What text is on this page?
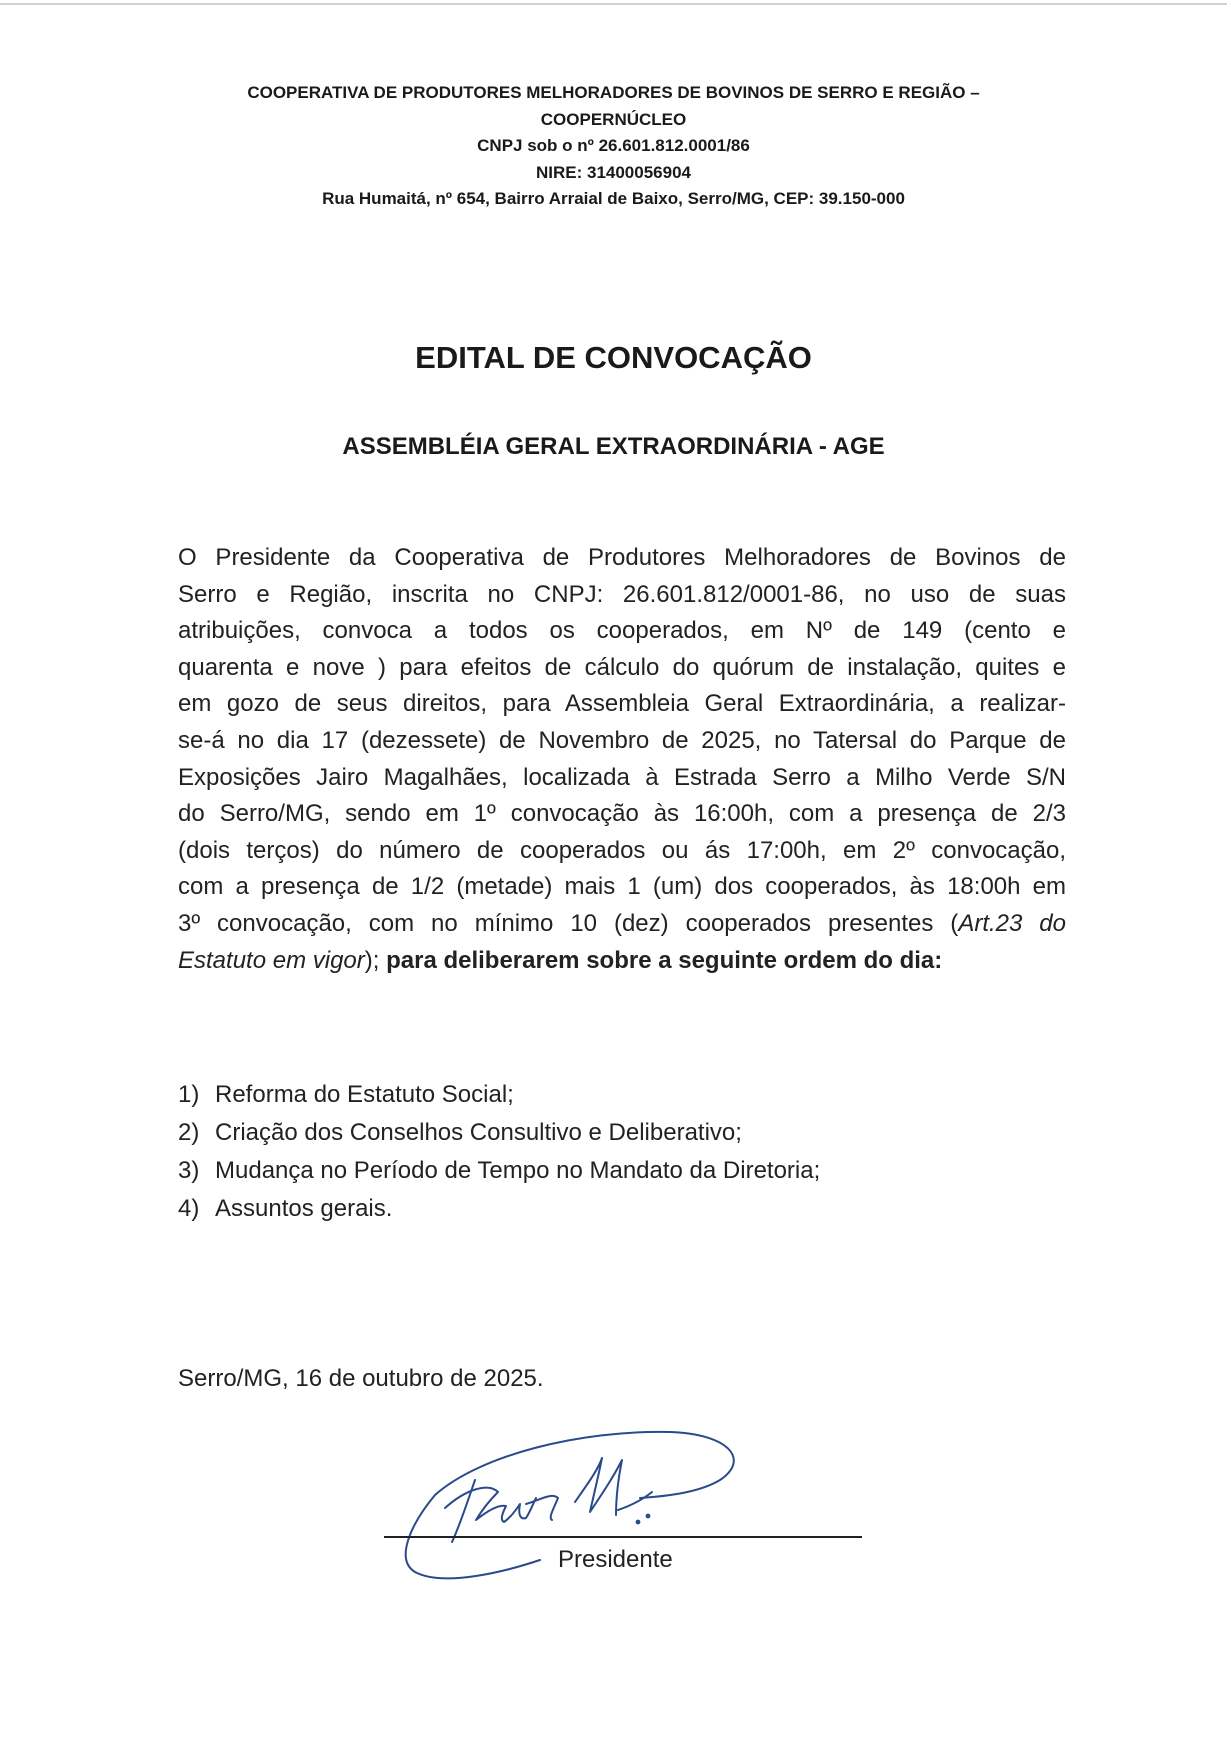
COOPERATIVA DE PRODUTORES MELHORADORES DE BOVINOS DE SERRO E REGIÃO –
COOPERNÚCLEO
CNPJ sob o nº 26.601.812.0001/86
NIRE: 31400056904
Rua Humaitá, nº 654, Bairro Arraial de Baixo, Serro/MG, CEP: 39.150-000
EDITAL DE CONVOCAÇÃO
ASSEMBLÉIA GERAL EXTRAORDINÁRIA - AGE
O Presidente da Cooperativa de Produtores Melhoradores de Bovinos de
Serro e Região, inscrita no CNPJ: 26.601.812/0001-86, no uso de suas
atribuições, convoca a todos os cooperados, em Nº de 149 (cento e
quarenta e nove ) para efeitos de cálculo do quórum de instalação, quites e
em gozo de seus direitos, para Assembleia Geral Extraordinária, a realizar-
se-á no dia 17 (dezessete) de Novembro de 2025, no Tatersal do Parque de
Exposições Jairo Magalhães, localizada à Estrada Serro a Milho Verde S/N
do Serro/MG, sendo em 1º convocação às 16:00h, com a presença de 2/3
(dois terços) do número de cooperados ou ás 17:00h, em 2º convocação,
com a presença de 1/2 (metade) mais 1 (um) dos cooperados, às 18:00h em
3º convocação, com no mínimo 10 (dez) cooperados presentes (Art.23 do
Estatuto em vigor); para deliberarem sobre a seguinte ordem do dia:
1) Reforma do Estatuto Social;
2) Criação dos Conselhos Consultivo e Deliberativo;
3) Mudança no Período de Tempo no Mandato da Diretoria;
4) Assuntos gerais.
Serro/MG, 16 de outubro de 2025.
Presidente
